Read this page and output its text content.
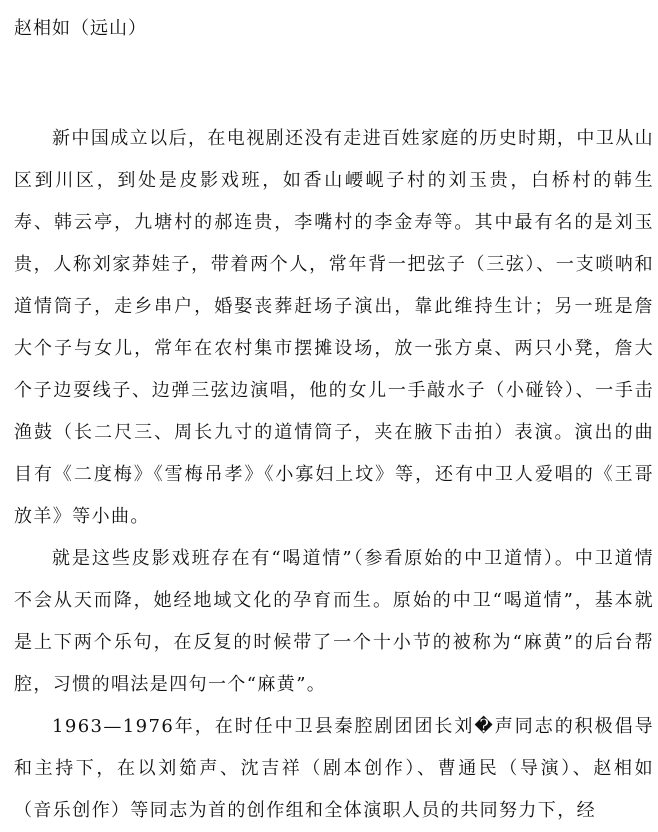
赵相如（远山）

新中国成立以后，在电视剧还没有走进百姓家庭的历史时期，中卫从山区到川区，到处是皮影戏班，如香山崾岘子村的刘玉贵，白桥村的韩生寿、韩云亭，九塘村的郝连贵，李嘴村的李金寿等。其中最有名的是刘玉贵，人称刘家莽娃子，带着两个人，常年背一把弦子（三弦）、一支唢呐和道情筒子，走乡串户，婚娶丧葬赶场子演出，靠此维持生计；另一班是詹大个子与女儿，常年在农村集市摆摊设场，放一张方桌、两只小凳，詹大个子边耍线子、边弹三弦边演唱，他的女儿一手敲水子（小碰铃）、一手击渔鼓（长二尺三、周长九寸的道情筒子，夹在腋下击拍）表演。演出的曲目有《二度梅》《雪梅吊孝》《小寡妇上坟》等，还有中卫人爱唱的《王哥放羊》等小曲。

就是这些皮影戏班存在有“喝道情”（参看原始的中卫道情）。中卫道情不会从天而降，她经地域文化的孕育而生。原始的中卫“喝道情”，基本就是上下两个乐句，在反复的时候带了一个十小节的被称为“麻黄”的后台帮腔，习惯的唱法是四句一个“麻黄”。

1963—1976年，在时任中卫县秦腔剧团团长刘�声同志的积极倡导和主持下，在以刘筎声、沈吉祥（剧本创作）、曹通民（导演）、赵相如（音乐创作）等同志为首的创作组和全体演职人员的共同努力下，经
